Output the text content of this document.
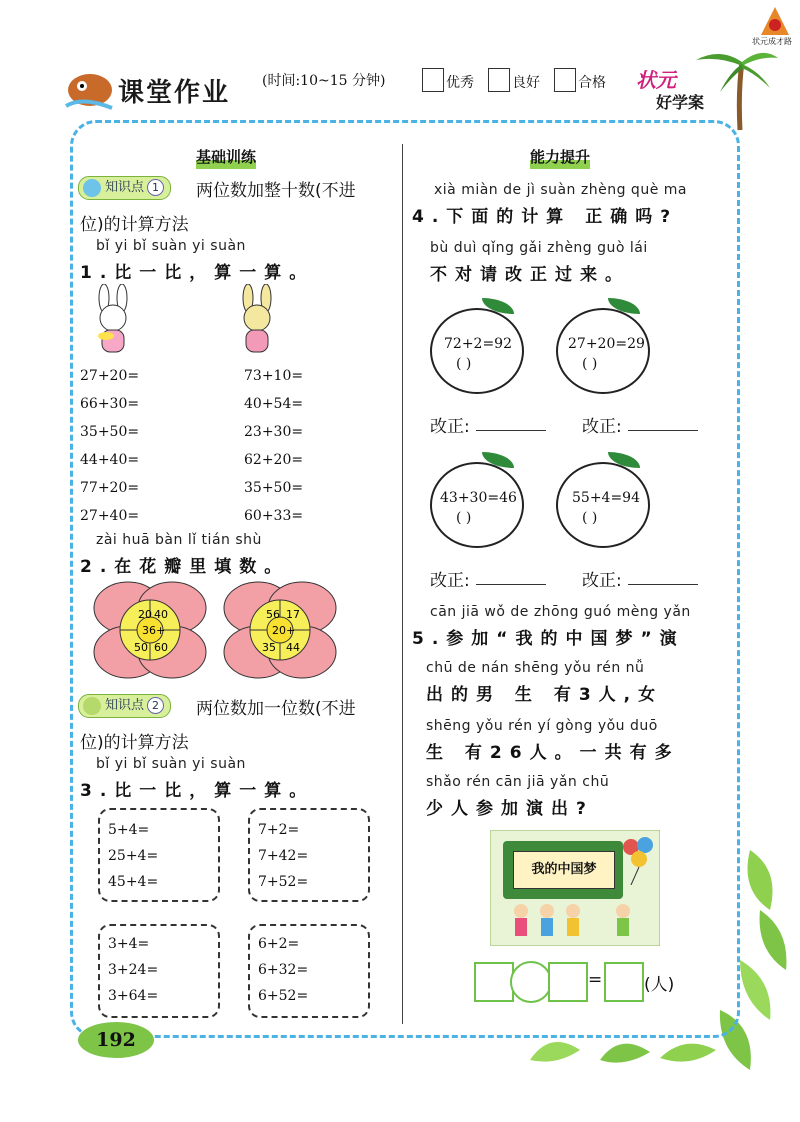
状元成才路
课堂作业 (时间:10~15 分钟)	优秀	良好	合格 状元
好学案
基础训练
知识点 1	两位数加整十数(不进
位)的计算方法
bǐ yi bǐ suàn yi suàn
1.比一比，算一算。
27+20=
66+30=
35+50=
44+40=
77+20=
27+40=
73+10=
40+54=
23+30=
62+20=
35+50=
60+33=
zài huā bàn lǐ tián shù
2.在花瓣里填数。
20 40
50 60
36+
56 17
35 44
20+
知识点 2	两位数加一位数(不进
位)的计算方法
bǐ yi bǐ suàn yi suàn
3.比一比，算一算。
5+4=
25+4=
45+4=
7+2=
7+42=
7+52=
3+4=
3+24=
3+64=
6+2=
6+32=
6+52=
能力提升
xià miàn de jì suàn zhèng què ma
4.下面的计算 正确吗?
bù duì qǐng gǎi zhèng guò lái
不对请改正过来。
72+2=92
( )
27+20=29
( )
43+30=46
( )
55+4=94
( )
改正:	改正:
改正:	改正:
cān jiā wǒ de zhōng guó mèng yǎn
5.参加“我的中国梦”演
chū de nán shēng yǒu rén nǚ
出的男 生 有3人,女
shēng yǒu rén yí gòng yǒu duō
生 有26人。一共有多
shǎo rén cān jiā yǎn chū
少人参加演出?
我的中国梦
= (人)
192
